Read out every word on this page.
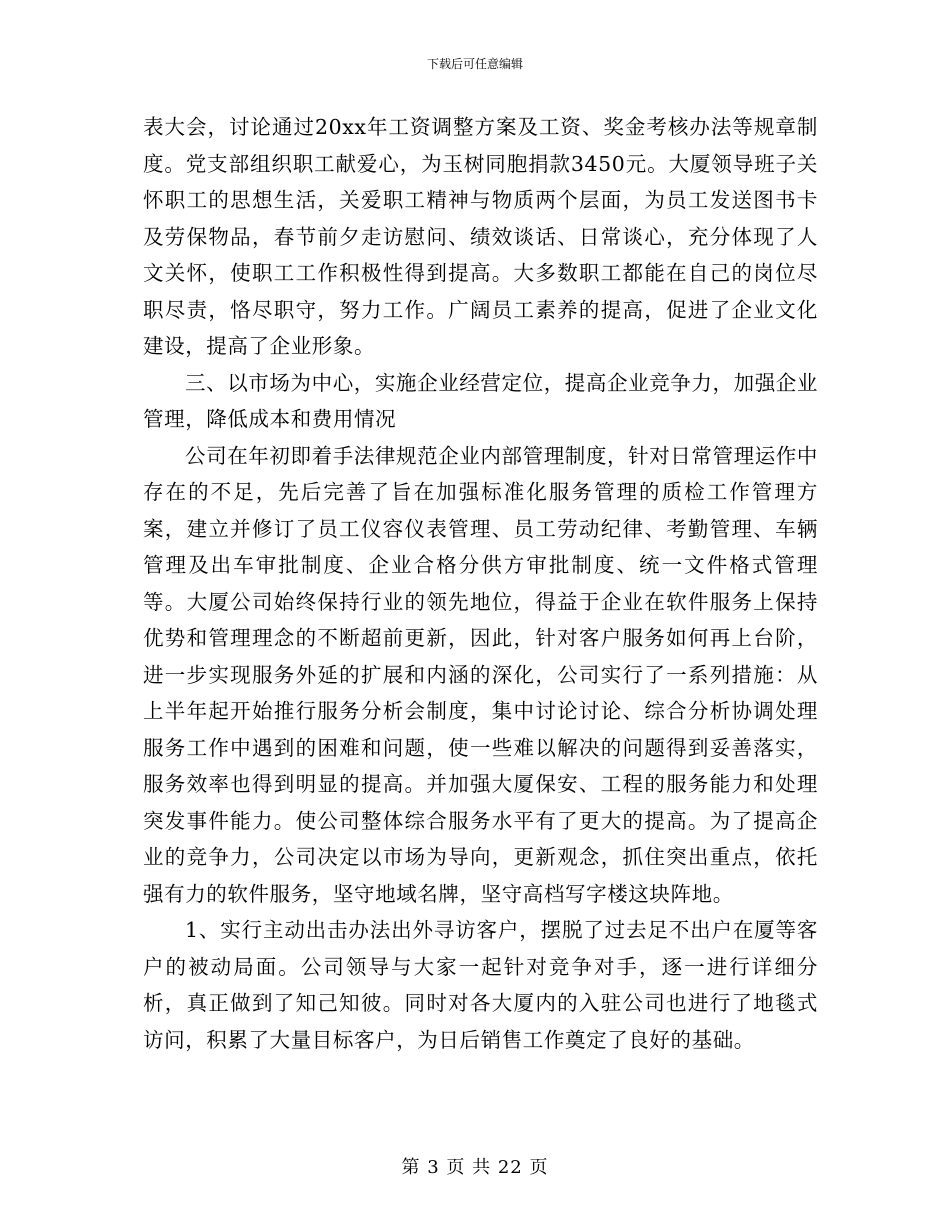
下载后可任意编辑

表大会，讨论通过20xx年工资调整方案及工资、奖金考核办法等规章制度。党支部组织职工献爱心，为玉树同胞捐款3450元。大厦领导班子关怀职工的思想生活，关爱职工精神与物质两个层面，为员工发送图书卡及劳保物品，春节前夕走访慰问、绩效谈话、日常谈心，充分体现了人文关怀，使职工工作积极性得到提高。大多数职工都能在自己的岗位尽职尽责，恪尽职守，努力工作。广阔员工素养的提高，促进了企业文化建设，提高了企业形象。

三、以市场为中心，实施企业经营定位，提高企业竞争力，加强企业管理，降低成本和费用情况

公司在年初即着手法律规范企业内部管理制度，针对日常管理运作中存在的不足，先后完善了旨在加强标准化服务管理的质检工作管理方案，建立并修订了员工仪容仪表管理、员工劳动纪律、考勤管理、车辆管理及出车审批制度、企业合格分供方审批制度、统一文件格式管理等。大厦公司始终保持行业的领先地位，得益于企业在软件服务上保持优势和管理理念的不断超前更新，因此，针对客户服务如何再上台阶，进一步实现服务外延的扩展和内涵的深化，公司实行了一系列措施：从上半年起开始推行服务分析会制度，集中讨论讨论、综合分析协调处理服务工作中遇到的困难和问题，使一些难以解决的问题得到妥善落实，服务效率也得到明显的提高。并加强大厦保安、工程的服务能力和处理突发事件能力。使公司整体综合服务水平有了更大的提高。为了提高企业的竞争力，公司决定以市场为导向，更新观念，抓住突出重点，依托强有力的软件服务，坚守地域名牌，坚守高档写字楼这块阵地。

1、实行主动出击办法出外寻访客户，摆脱了过去足不出户在厦等客户的被动局面。公司领导与大家一起针对竞争对手，逐一进行详细分析，真正做到了知己知彼。同时对各大厦内的入驻公司也进行了地毯式访问，积累了大量目标客户，为日后销售工作奠定了良好的基础。

第 3 页 共 22 页
